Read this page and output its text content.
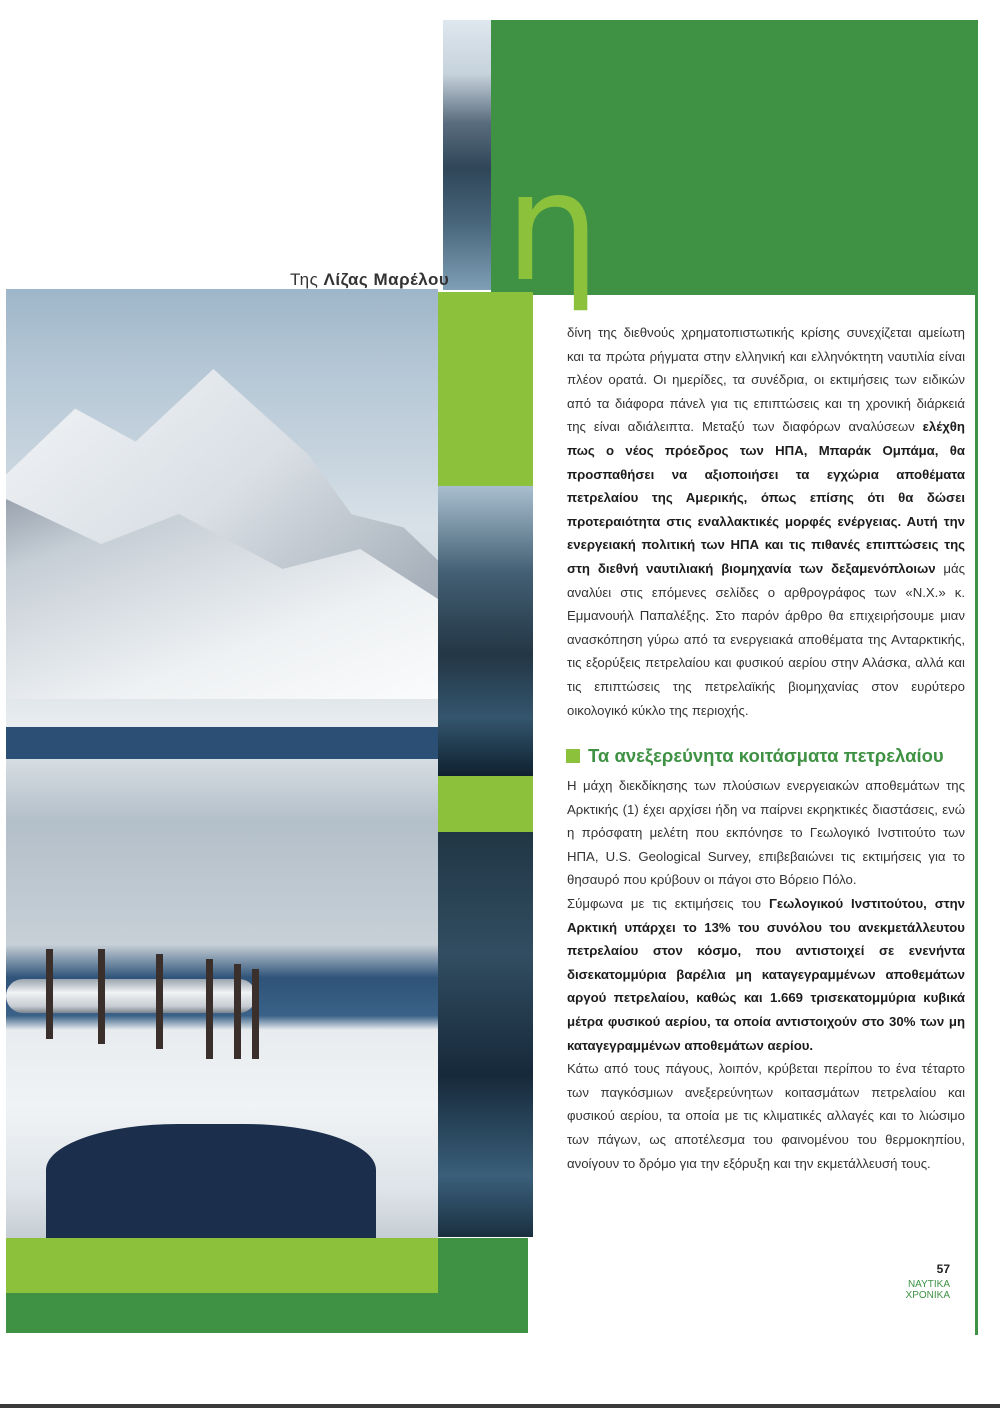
Της Λίζας Μαρέλου η

δίνη της διεθνούς χρηματοπιστωτικής κρίσης συνεχίζεται αμείωτη και τα πρώτα ρήγματα στην ελληνική και ελληνόκτητη ναυτιλία είναι πλέον ορατά. Οι ημερίδες, τα συνέδρια, οι εκτιμήσεις των ειδικών από τα διάφορα πάνελ για τις επιπτώσεις και τη χρονική διάρκειά της είναι αδιάλειπτα. Μεταξύ των διαφόρων αναλύσεων ελέχθη πως ο νέος πρόεδρος των ΗΠΑ, Μπαράκ Ομπάμα, θα προσπαθήσει να αξιοποιήσει τα εγχώρια αποθέματα πετρελαίου της Αμερικής, όπως επίσης ότι θα δώσει προτεραιότητα στις εναλλακτικές μορφές ενέργειας. Αυτή την ενεργειακή πολιτική των ΗΠΑ και τις πιθανές επιπτώσεις της στη διεθνή ναυτιλιακή βιομηχανία των δεξαμενόπλοιων μάς αναλύει στις επόμενες σελίδες ο αρθρογράφος των «Ν.Χ.» κ. Εμμανουήλ Παπαλέξης. Στο παρόν άρθρο θα επιχειρήσουμε μιαν ανασκόπηση γύρω από τα ενεργειακά αποθέματα της Ανταρκτικής, τις εξορύξεις πετρελαίου και φυσικού αερίου στην Αλάσκα, αλλά και τις επιπτώσεις της πετρελαϊκής βιομηχανίας στον ευρύτερο οικολογικό κύκλο της περιοχής.

Τα ανεξερεύνητα κοιτάσματα πετρελαίου

Η μάχη διεκδίκησης των πλούσιων ενεργειακών αποθεμάτων της Αρκτικής (1) έχει αρχίσει ήδη να παίρνει εκρηκτικές διαστάσεις, ενώ η πρόσφατη μελέτη που εκπόνησε το Γεωλογικό Ινστιτούτο των ΗΠΑ, U.S. Geological Survey, επιβεβαιώνει τις εκτιμήσεις για το θησαυρό που κρύβουν οι πάγοι στο Βόρειο Πόλο.

Σύμφωνα με τις εκτιμήσεις του Γεωλογικού Ινστιτούτου, στην Αρκτική υπάρχει το 13% του συνόλου του ανεκμετάλλευτου πετρελαίου στον κόσμο, που αντιστοιχεί σε ενενήντα δισεκατομμύρια βαρέλια μη καταγεγραμμένων αποθεμάτων αργού πετρελαίου, καθώς και 1.669 τρισεκατομμύρια κυβικά μέτρα φυσικού αερίου, τα οποία αντιστοιχούν στο 30% των μη καταγεγραμμένων αποθεμάτων αερίου.

Κάτω από τους πάγους, λοιπόν, κρύβεται περίπου το ένα τέταρτο των παγκόσμιων ανεξερεύνητων κοιτασμάτων πετρελαίου και φυσικού αερίου, τα οποία με τις κλιματικές αλλαγές και το λιώσιμο των πάγων, ως αποτέλεσμα του φαινομένου του θερμοκηπίου, ανοίγουν το δρόμο για την εξόρυξη και την εκμετάλλευσή τους.

57
ΝΑΥΤΙΚΑ
ΧΡΟΝΙΚΑ
